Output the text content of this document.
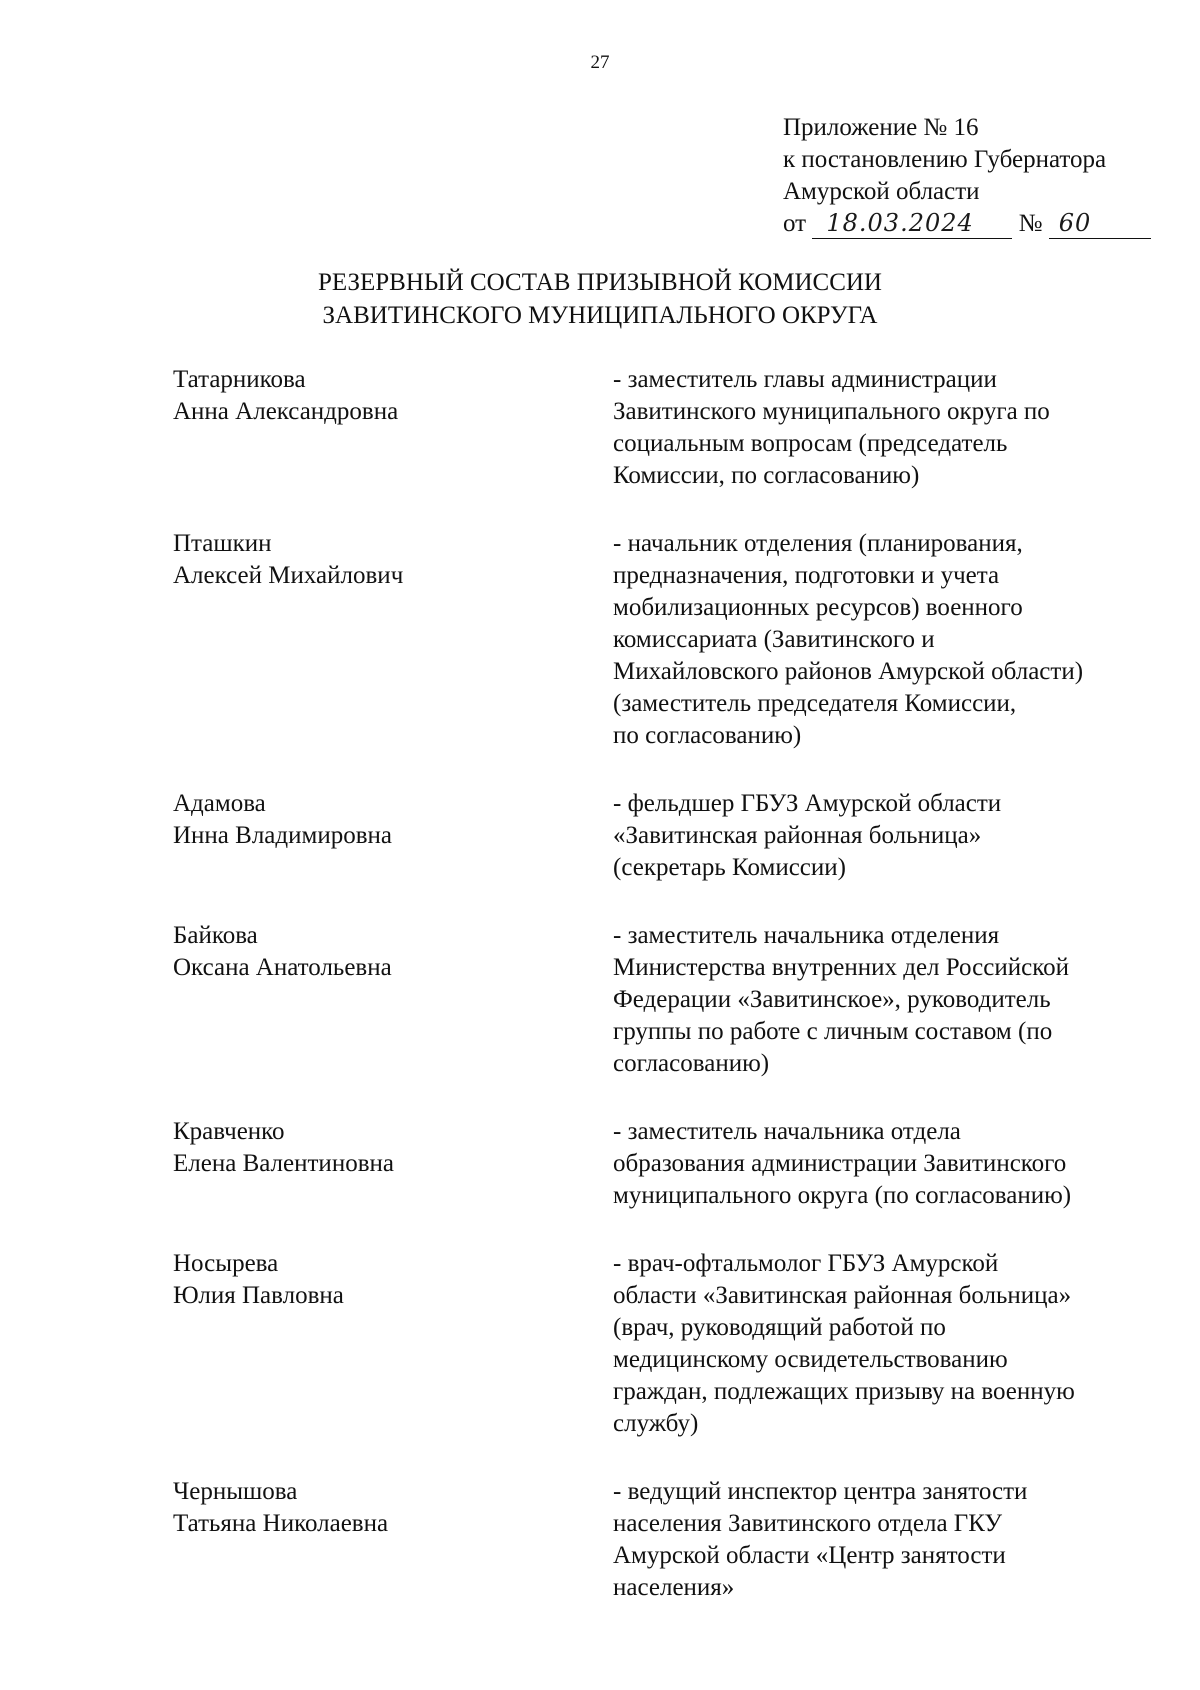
27
Приложение № 16
к постановлению Губернатора
Амурской области
от 18.03.2024 № 60
РЕЗЕРВНЫЙ СОСТАВ ПРИЗЫВНОЙ КОМИССИИ
ЗАВИТИНСКОГО МУНИЦИПАЛЬНОГО ОКРУГА
Татарникова
Анна Александровна
- заместитель главы администрации
Завитинского муниципального округа по
социальным вопросам (председатель
Комиссии, по согласованию)
Пташкин
Алексей Михайлович
- начальник отделения (планирования,
предназначения, подготовки и учета
мобилизационных ресурсов) военного
комиссариата (Завитинского и
Михайловского районов Амурской области)
(заместитель председателя Комиссии,
по согласованию)
Адамова
Инна Владимировна
- фельдшер ГБУЗ Амурской области
«Завитинская районная больница»
(секретарь Комиссии)
Байкова
Оксана Анатольевна
- заместитель начальника отделения
Министерства внутренних дел Российской
Федерации «Завитинское», руководитель
группы по работе с личным составом (по
согласованию)
Кравченко
Елена Валентиновна
- заместитель начальника отдела
образования администрации Завитинского
муниципального округа (по согласованию)
Носырева
Юлия Павловна
- врач-офтальмолог ГБУЗ Амурской
области «Завитинская районная больница»
(врач, руководящий работой по
медицинскому освидетельствованию
граждан, подлежащих призыву на военную
службу)
Чернышова
Татьяна Николаевна
- ведущий инспектор центра занятости
населения Завитинского отдела ГКУ
Амурской области «Центр занятости
населения»
